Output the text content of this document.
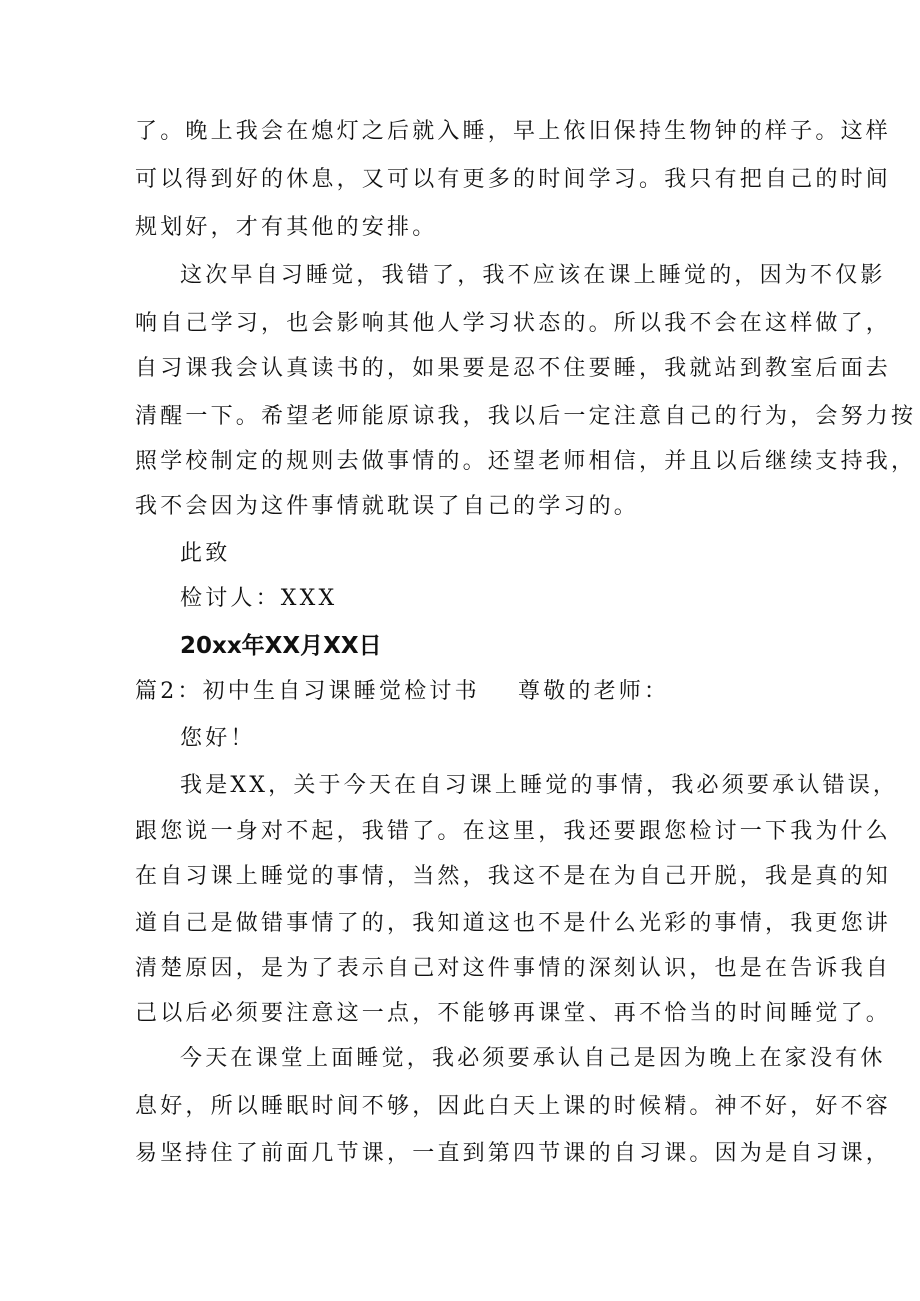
了。晚上我会在熄灯之后就入睡，早上依旧保持生物钟的样子。这样
可以得到好的休息，又可以有更多的时间学习。我只有把自己的时间
规划好，才有其他的安排。
这次早自习睡觉，我错了，我不应该在课上睡觉的，因为不仅影
响自己学习，也会影响其他人学习状态的。所以我不会在这样做了，
自习课我会认真读书的，如果要是忍不住要睡，我就站到教室后面去
清醒一下。希望老师能原谅我，我以后一定注意自己的行为，会努力按
照学校制定的规则去做事情的。还望老师相信，并且以后继续支持我，
我不会因为这件事情就耽误了自己的学习的。
此致
检讨人：XXX
20xx年XX月XX日
篇2：初中生自习课睡觉检讨书 尊敬的老师：
您好！
我是XX，关于今天在自习课上睡觉的事情，我必须要承认错误，
跟您说一身对不起，我错了。在这里，我还要跟您检讨一下我为什么
在自习课上睡觉的事情，当然，我这不是在为自己开脱，我是真的知
道自己是做错事情了的，我知道这也不是什么光彩的事情，我更您讲
清楚原因，是为了表示自己对这件事情的深刻认识，也是在告诉我自
己以后必须要注意这一点，不能够再课堂、再不恰当的时间睡觉了。
今天在课堂上面睡觉，我必须要承认自己是因为晚上在家没有休
息好，所以睡眠时间不够，因此白天上课的时候精。神不好，好不容
易坚持住了前面几节课，一直到第四节课的自习课。因为是自习课，
